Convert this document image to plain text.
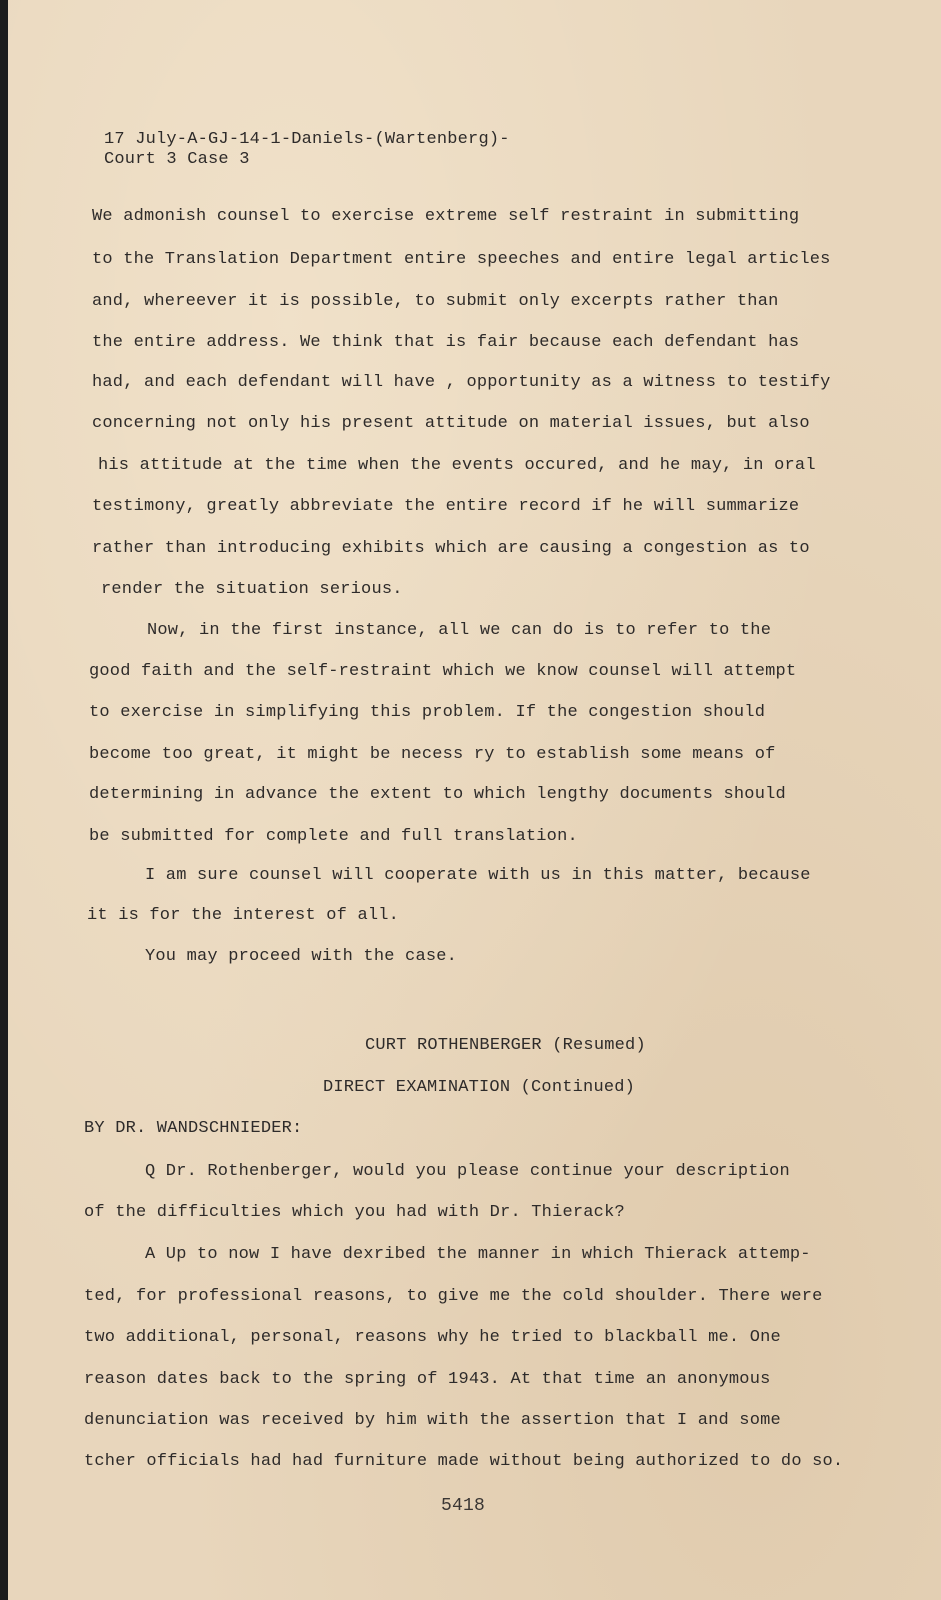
17 July-A-GJ-14-1-Daniels-(Wartenberg)-
Court 3 Case 3
We admonish counsel to exercise extreme self restraint in submitting
to the Translation Department entire speeches and entire legal articles
and, whereever it is possible, to submit only excerpts rather than
the entire address. We think that is fair because each defendant has
had, and each defendant will have , opportunity as a witness to testify
concerning not only his present attitude on material issues, but also
his attitude at the time when the events occured, and he may, in oral
testimony, greatly abbreviate the entire record if he will summarize
rather than introducing exhibits which are causing a congestion as to
render the situation serious.
Now, in the first instance, all we can do is to refer to the
good faith and the self-restraint which we know counsel will attempt
to exercise in simplifying this problem. If the congestion should
become too great, it might be necess ry to establish some means of
determining in advance the extent to which lengthy documents should
be submitted for complete and full translation.
I am sure counsel will cooperate with us in this matter, because
it is for the interest of all.
You may proceed with the case.
CURT ROTHENBERGER (Resumed)
DIRECT EXAMINATION (Continued)
BY DR. WANDSCHNIEDER:
Q Dr. Rothenberger, would you please continue your description
of the difficulties which you had with Dr. Thierack?
A Up to now I have dexribed the manner in which Thierack attemp-
ted, for professional reasons, to give me the cold shoulder. There were
two additional, personal, reasons why he tried to blackball me. One
reason dates back to the spring of 1943. At that time an anonymous
denunciation was received by him with the assertion that I and some
tcher officials had had furniture made without being authorized to do so.
5418
